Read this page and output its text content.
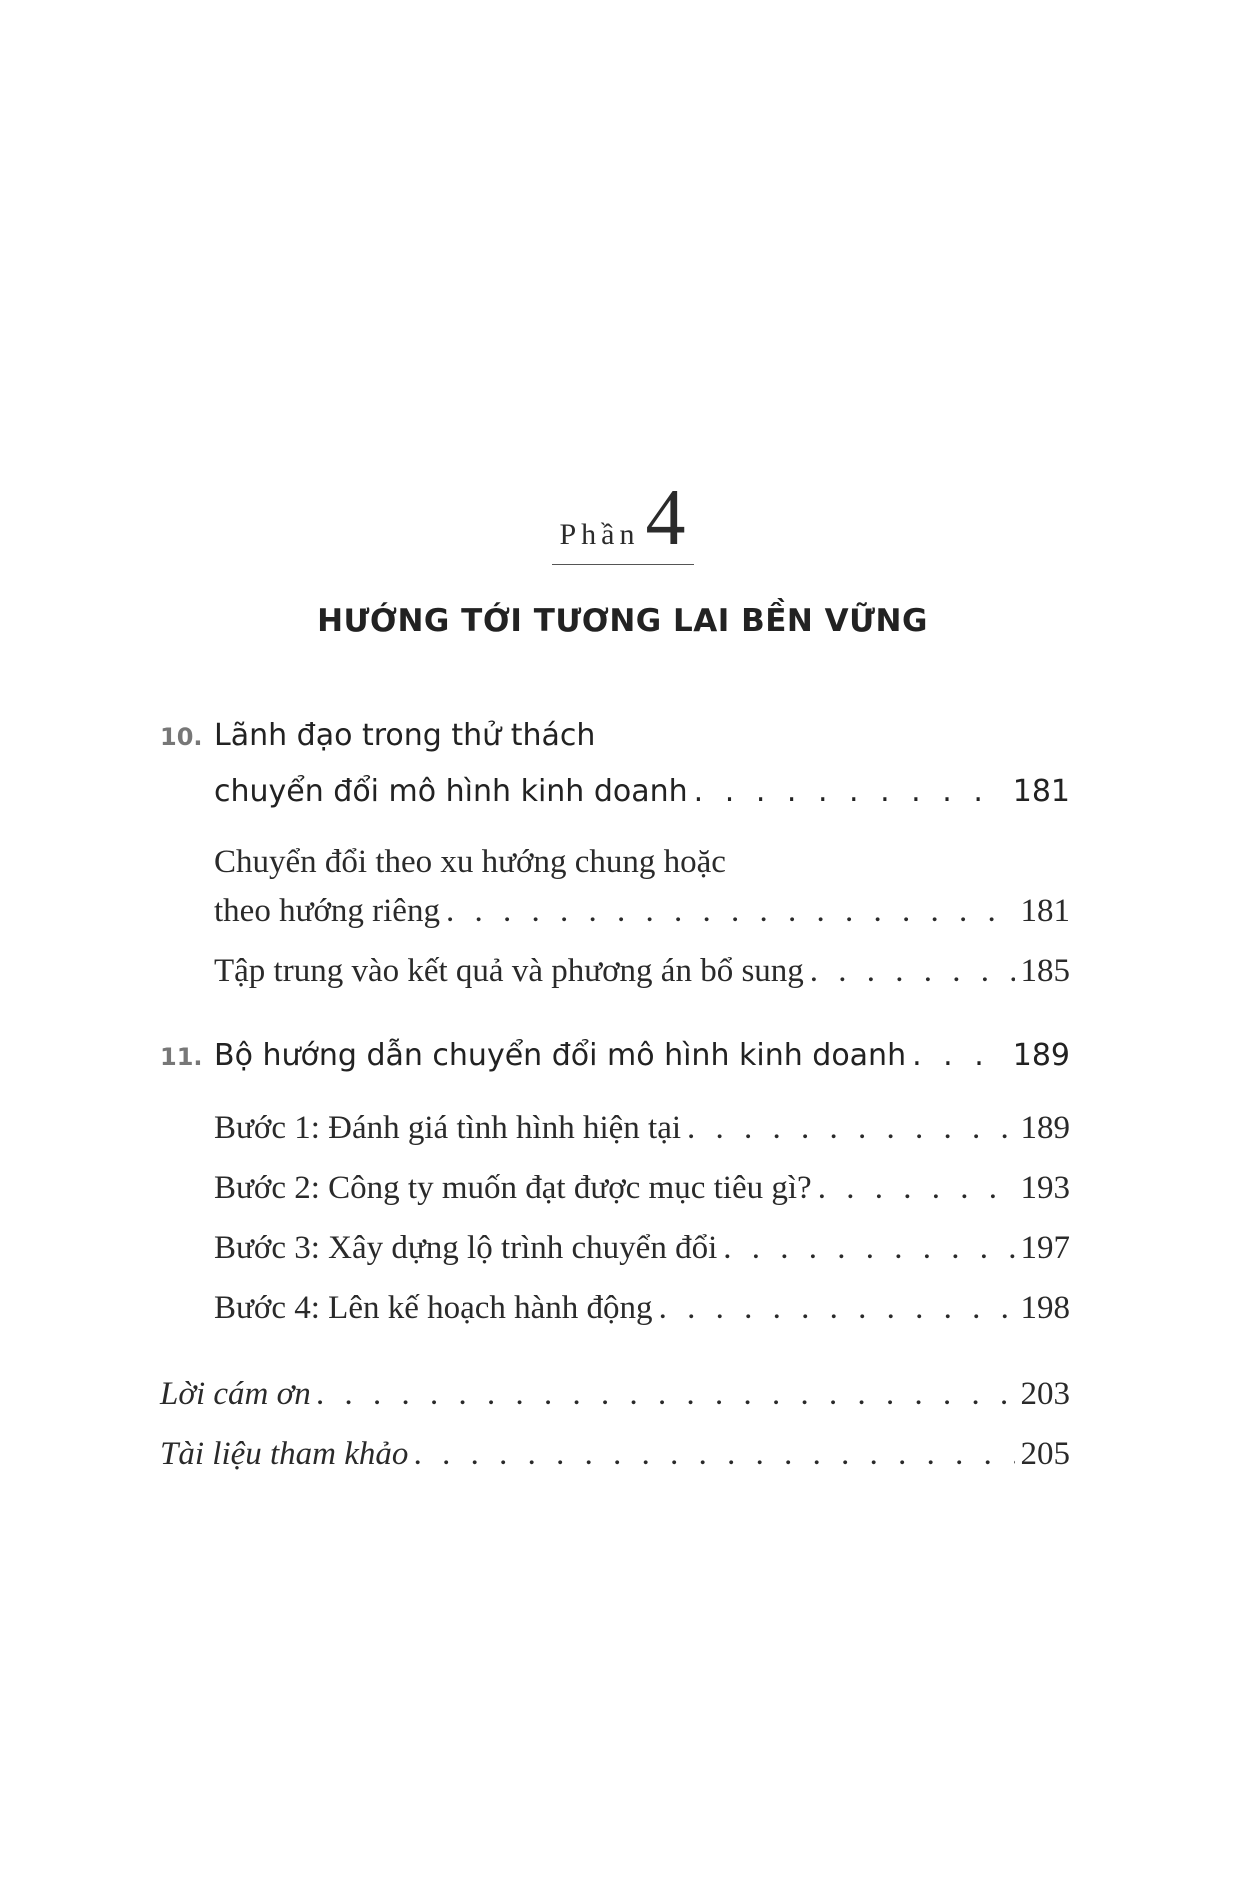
Phần4
HƯỚNG TỚI TƯƠNG LAI BỀN VỮNG
10. Lãnh đạo trong thử thách
chuyển đổi mô hình kinh doanh . . .	181
Chuyển đổi theo xu hướng chung hoặc
theo hướng riêng . . .	181
Tập trung vào kết quả và phương án bổ sung . . .	185
11. Bộ hướng dẫn chuyển đổi mô hình kinh doanh . . .	189
Bước 1: Đánh giá tình hình hiện tại . . .	189
Bước 2: Công ty muốn đạt được mục tiêu gì? . . .	193
Bước 3: Xây dựng lộ trình chuyển đổi . . .	197
Bước 4: Lên kế hoạch hành động . . .	198
Lời cám ơn . . .	203
Tài liệu tham khảo . . .	205
